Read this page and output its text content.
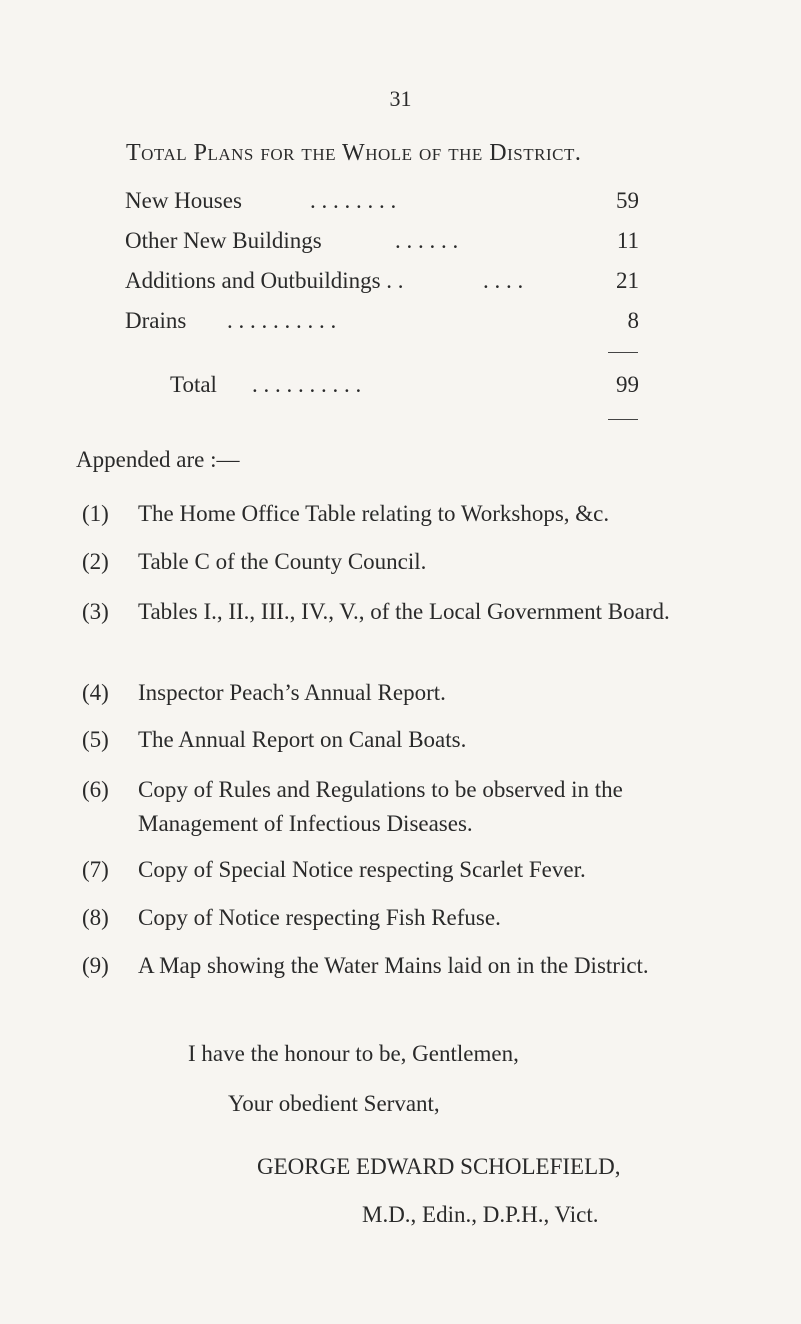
31
Total Plans for the Whole of the District.
New Houses	. . . . . . . .	59
Other New Buildings	. . . . . .	11
Additions and Outbuildings . .	. . . .	21
Drains . . . . . . . . . .	8
Total . . . . . . . . . .	99
Appended are :—
(1) The Home Office Table relating to Workshops, &c.
(2) Table C of the County Council.
(3) Tables I., II., III., IV., V., of the Local Government Board.
(4) Inspector Peach’s Annual Report.
(5) The Annual Report on Canal Boats.
(6) Copy of Rules and Regulations to be observed in the Management of Infectious Diseases.
(7) Copy of Special Notice respecting Scarlet Fever.
(8) Copy of Notice respecting Fish Refuse.
(9) A Map showing the Water Mains laid on in the District.
I have the honour to be, Gentlemen,
Your obedient Servant,
GEORGE EDWARD SCHOLEFIELD,
M.D., Edin., D.P.H., Vict.
